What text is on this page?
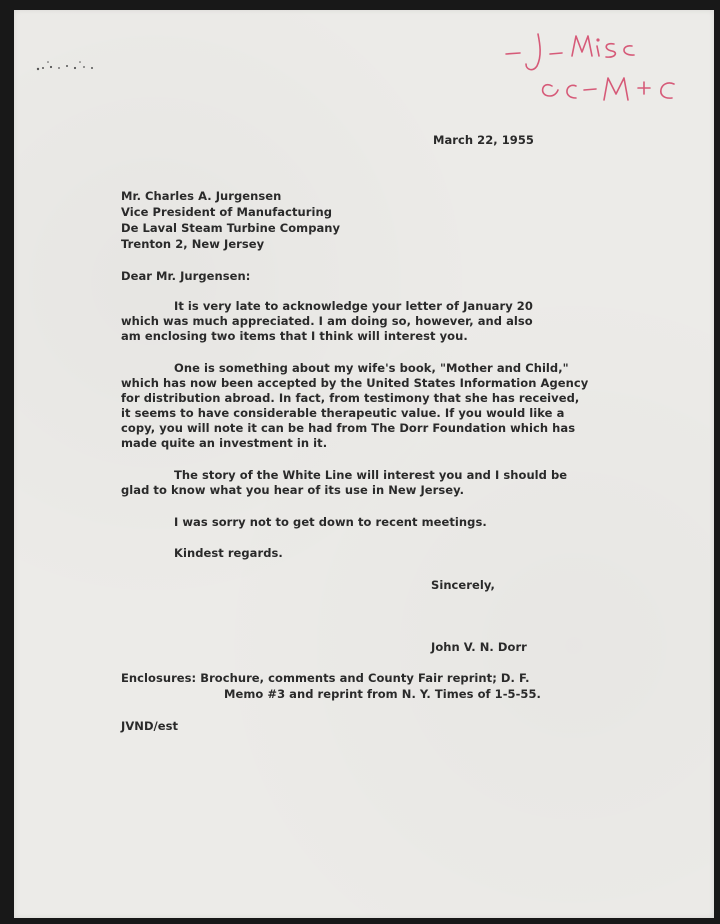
March 22, 1955
Mr. Charles A. Jurgensen
Vice President of Manufacturing
De Laval Steam Turbine Company
Trenton 2, New Jersey
Dear Mr. Jurgensen:
It is very late to acknowledge your letter of January 20
which was much appreciated. I am doing so, however, and also
am enclosing two items that I think will interest you.
One is something about my wife's book, "Mother and Child,"
which has now been accepted by the United States Information Agency
for distribution abroad. In fact, from testimony that she has received,
it seems to have considerable therapeutic value. If you would like a
copy, you will note it can be had from The Dorr Foundation which has
made quite an investment in it.
The story of the White Line will interest you and I should be
glad to know what you hear of its use in New Jersey.
I was sorry not to get down to recent meetings.
Kindest regards.
Sincerely,
John V. N. Dorr
Enclosures: Brochure, comments and County Fair reprint; D. F.
Memo #3 and reprint from N. Y. Times of 1-5-55.
JVND/est
